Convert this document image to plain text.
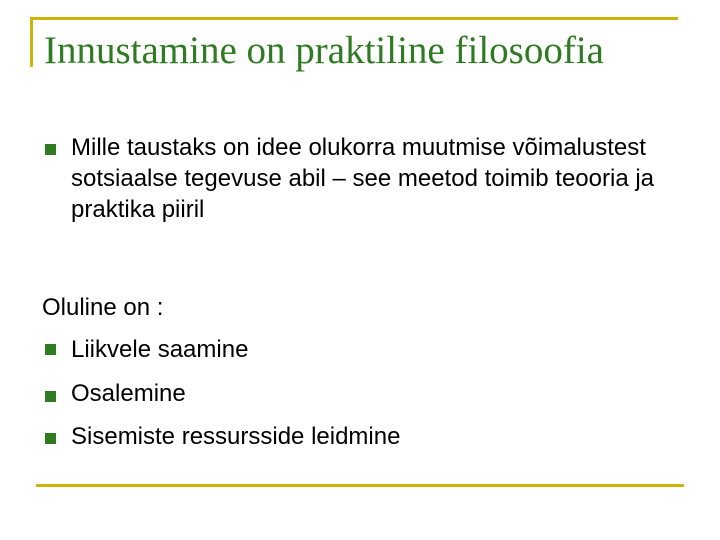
Innustamine on praktiline filosoofia
Mille taustaks on idee olukorra muutmise võimalustest sotsiaalse tegevuse abil – see meetod toimib teooria ja praktika piiril
Oluline on :
Liikvele saamine
Osalemine
Sisemiste ressursside leidmine
